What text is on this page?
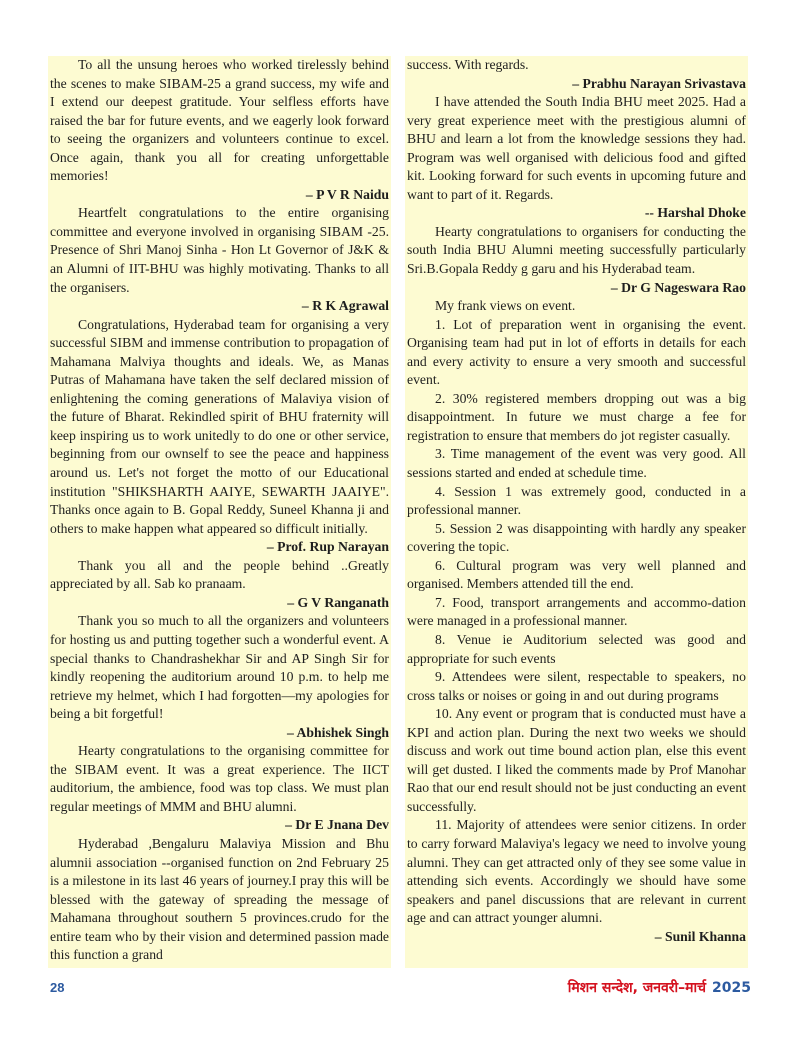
To all the unsung heroes who worked tirelessly behind the scenes to make SIBAM-25 a grand success, my wife and I extend our deepest gratitude. Your selfless efforts have raised the bar for future events, and we eagerly look forward to seeing the organizers and volunteers continue to excel. Once again, thank you all for creating unforgettable memories!

– P V R Naidu

Heartfelt congratulations to the entire organising committee and everyone involved in organising SIBAM -25. Presence of Shri Manoj Sinha - Hon Lt Governor of J&K & an Alumni of IIT-BHU was highly motivating. Thanks to all the organisers.

– R K Agrawal

Congratulations, Hyderabad team for organising a very successful SIBM and immense contribution to propagation of Mahamana Malviya thoughts and ideals. We, as Manas Putras of Mahamana have taken the self declared mission of enlightening the coming generations of Malaviya vision of the future of Bharat. Rekindled spirit of BHU fraternity will keep inspiring us to work unitedly to do one or other service, beginning from our ownself to see the peace and happiness around us. Let's not forget the motto of our Educational institution "SHIKSHARTH AAIYE, SEWARTH JAAIYE". Thanks once again to B. Gopal Reddy, Suneel Khanna ji and others to make happen what appeared so difficult initially.

– Prof. Rup Narayan

Thank you all and the people behind ..Greatly appreciated by all. Sab ko pranaam.

– G V Ranganath

Thank you so much to all the organizers and volunteers for hosting us and putting together such a wonderful event. A special thanks to Chandrashekhar Sir and AP Singh Sir for kindly reopening the auditorium around 10 p.m. to help me retrieve my helmet, which I had forgotten—my apologies for being a bit forgetful!

– Abhishek Singh

Hearty congratulations to the organising committee for the SIBAM event. It was a great experience. The IICT auditorium, the ambience, food was top class. We must plan regular meetings of MMM and BHU alumni.

– Dr E Jnana Dev

Hyderabad ,Bengaluru Malaviya Mission and Bhu alumnii association --organised function on 2nd February 25 is a milestone in its last 46 years of journey.I pray this will be blessed with the gateway of spreading the message of Mahamana throughout southern 5 provinces.crudo for the entire team who by their vision and determined passion made this function a grand

success. With regards.

– Prabhu Narayan Srivastava

I have attended the South India BHU meet 2025. Had a very great experience meet with the prestigious alumni of BHU and learn a lot from the knowledge sessions they had. Program was well organised with delicious food and gifted kit. Looking forward for such events in upcoming future and want to part of it. Regards.

-- Harshal Dhoke

Hearty congratulations to organisers for conducting the south India BHU Alumni meeting successfully particularly Sri.B.Gopala Reddy g garu and his Hyderabad team.

– Dr G Nageswara Rao

My frank views on event.

1. Lot of preparation went in organising the event. Organising team had put in lot of efforts in details for each and every activity to ensure a very smooth and successful event.

2. 30% registered members dropping out was a big disappointment. In future we must charge a fee for registration to ensure that members do jot register casually.

3. Time management of the event was very good. All sessions started and ended at schedule time.

4. Session 1 was extremely good, conducted in a professional manner.

5. Session 2 was disappointing with hardly any speaker covering the topic.

6. Cultural program was very well planned and organised. Members attended till the end.

7. Food, transport arrangements and accommo-dation were managed in a professional manner.

8. Venue ie Auditorium selected was good and appropriate for such events

9. Attendees were silent, respectable to speakers, no cross talks or noises or going in and out during programs

10. Any event or program that is conducted must have a KPI and action plan. During the next two weeks we should discuss and work out time bound action plan, else this event will get dusted. I liked the comments made by Prof Manohar Rao that our end result should not be just conducting an event successfully.

11. Majority of attendees were senior citizens. In order to carry forward Malaviya's legacy we need to involve young alumni. They can get attracted only of they see some value in attending sich events. Accordingly we should have some speakers and panel discussions that are relevant in current age and can attract younger alumni.

– Sunil Khanna

28	मिशन सन्देश, जनवरी–मार्च 2025
